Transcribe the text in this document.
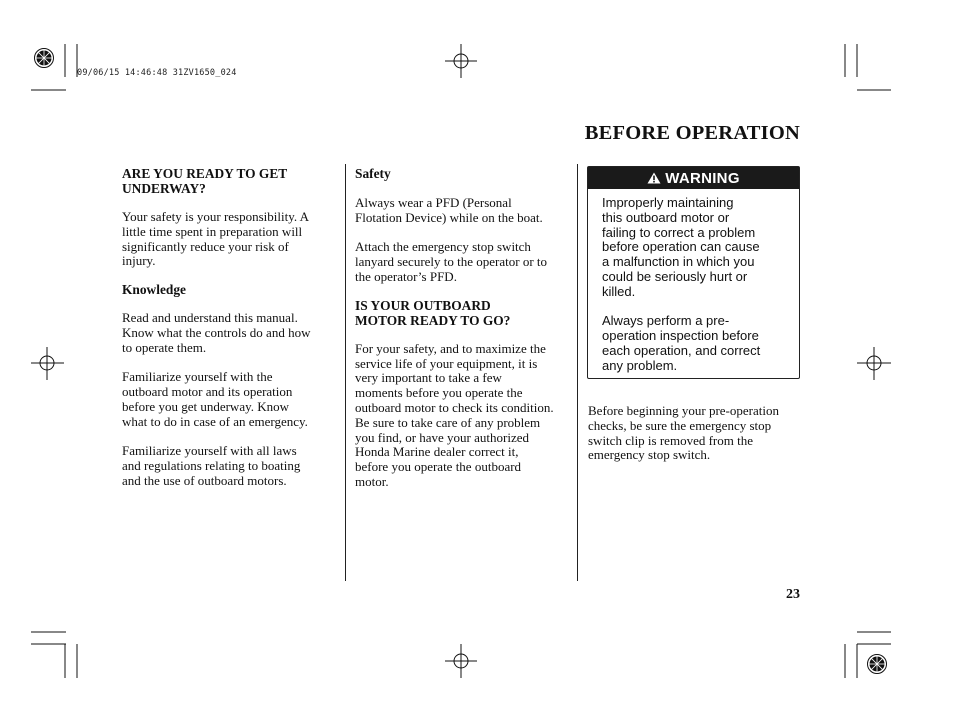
09/06/15 14:46:48 31ZV1650_024
BEFORE OPERATION
ARE YOU READY TO GET
UNDERWAY?

Your safety is your responsibility. A
little time spent in preparation will
significantly reduce your risk of
injury.

Knowledge

Read and understand this manual.
Know what the controls do and how
to operate them.

Familiarize yourself with the
outboard motor and its operation
before you get underway. Know
what to do in case of an emergency.

Familiarize yourself with all laws
and regulations relating to boating
and the use of outboard motors.

Safety

Always wear a PFD (Personal
Flotation Device) while on the boat.

Attach the emergency stop switch
lanyard securely to the operator or to
the operator’s PFD.

IS YOUR OUTBOARD
MOTOR READY TO GO?

For your safety, and to maximize the
service life of your equipment, it is
very important to take a few
moments before you operate the
outboard motor to check its condition.
Be sure to take care of any problem
you find, or have your authorized
Honda Marine dealer correct it,
before you operate the outboard
motor.

WARNING

Improperly maintaining
this outboard motor or
failing to correct a problem
before operation can cause
a malfunction in which you
could be seriously hurt or
killed.

Always perform a pre-
operation inspection before
each operation, and correct
any problem.

Before beginning your pre-operation
checks, be sure the emergency stop
switch clip is removed from the
emergency stop switch.

23
